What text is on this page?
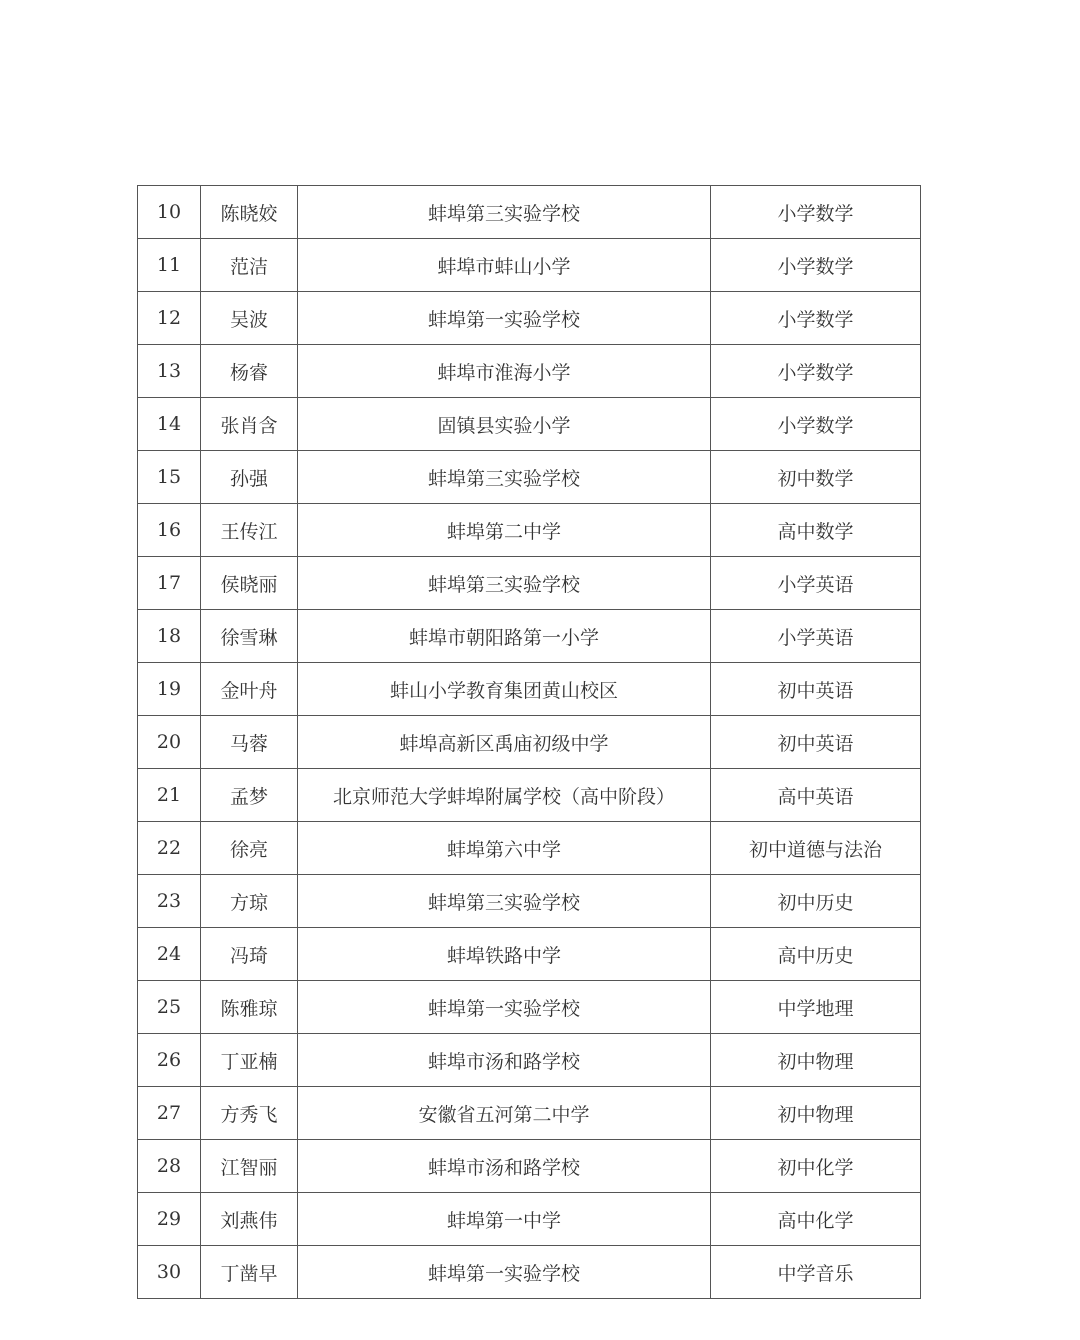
10	陈晓姣	蚌埠第三实验学校	小学数学
11	范洁	蚌埠市蚌山小学	小学数学
12	吴波	蚌埠第一实验学校	小学数学
13	杨睿	蚌埠市淮海小学	小学数学
14	张肖含	固镇县实验小学	小学数学
15	孙强	蚌埠第三实验学校	初中数学
16	王传江	蚌埠第二中学	高中数学
17	侯晓丽	蚌埠第三实验学校	小学英语
18	徐雪琳	蚌埠市朝阳路第一小学	小学英语
19	金叶舟	蚌山小学教育集团黄山校区	初中英语
20	马蓉	蚌埠高新区禹庙初级中学	初中英语
21	孟梦	北京师范大学蚌埠附属学校（高中阶段）	高中英语
22	徐亮	蚌埠第六中学	初中道德与法治
23	方琼	蚌埠第三实验学校	初中历史
24	冯琦	蚌埠铁路中学	高中历史
25	陈雅琼	蚌埠第一实验学校	中学地理
26	丁亚楠	蚌埠市汤和路学校	初中物理
27	方秀飞	安徽省五河第二中学	初中物理
28	江智丽	蚌埠市汤和路学校	初中化学
29	刘燕伟	蚌埠第一中学	高中化学
30	丁凿早	蚌埠第一实验学校	中学音乐
